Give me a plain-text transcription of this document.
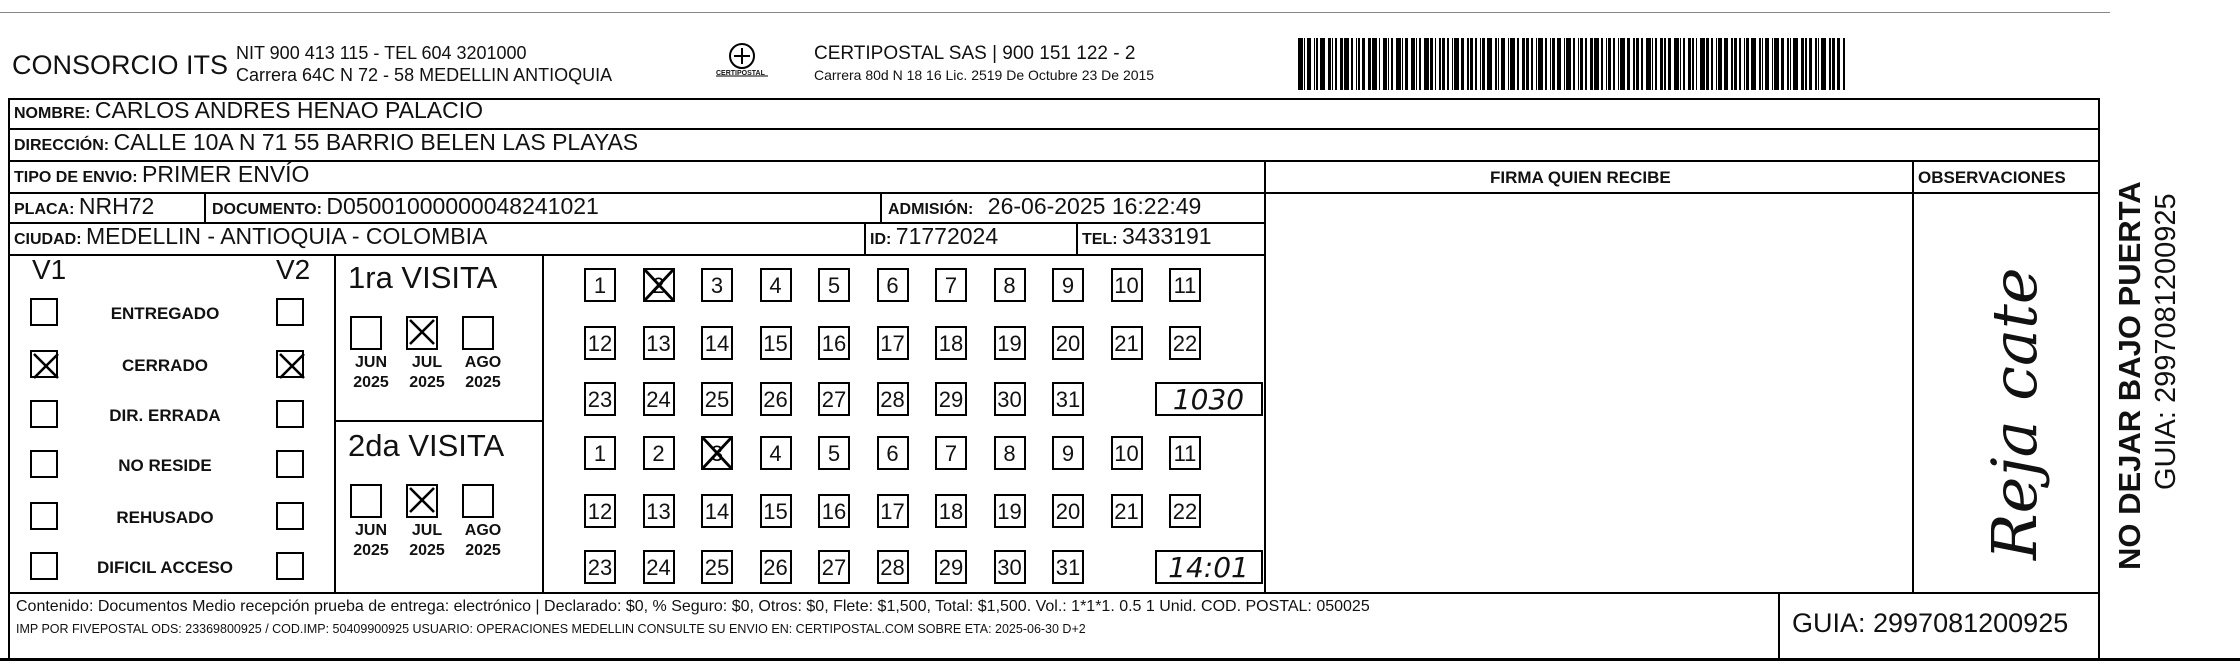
CONSORCIO ITS NIT 900 413 115 - TEL 604 3201000
Carrera 64C N 72 - 58 MEDELLIN ANTIOQUIA	CERTIPOSTAL
CERTIPOSTAL SAS | 900 151 122 - 2
Carrera 80d N 18 16 Lic. 2519 De Octubre 23 De 2015
NOMBRE: CARLOS ANDRES HENAO PALACIO
DIRECCIÓN: CALLE 10A N 71 55 BARRIO BELEN LAS PLAYAS
TIPO DE ENVIO: PRIMER ENVÍO	FIRMA QUIEN RECIBE	OBSERVACIONES
Reja cate
PLACA: NRH72	DOCUMENTO: D05001000000048241021	ADMISIÓN: 26-06-2025 16:22:49
CIUDAD: MEDELLIN - ANTIOQUIA - COLOMBIA	ID: 71772024	TEL: 3433191
V1	V2
ENTREGADO
CERRADO
DIR. ERRADA
NO RESIDE
REHUSADO
DIFICIL ACCESO
1ra VISITA
JUN
2025
JUL
2025
AGO
2025
1	2	3	4	5	6	7	8	9	10 11
12 13 14 15 16 17 18 19 20 21 22
23 24 25 26 27 28 29 30 31	1030
2da VISITA
JUN
2025
JUL
2025
AGO
2025
1	2	3	4	5	6	7	8	9	10 11
12 13 14 15 16 17 18 19 20 21 22
23 24 25 26 27 28 29 30 31	14:01
Contenido: Documentos Medio recepción prueba de entrega: electrónico | Declarado: $0, % Seguro: $0, Otros: $0, Flete: $1,500, Total: $1,500. Vol.: 1*1*1. 0.5 1 Unid. COD. POSTAL: 050025
IMP POR FIVEPOSTAL ODS: 23369800925 / COD.IMP: 50409900925 USUARIO: OPERACIONES MEDELLIN CONSULTE SU ENVIO EN: CERTIPOSTAL.COM SOBRE ETA: 2025-06-30 D+2	GUIA: 2997081200925
NO DEJAR BAJO PUERTA GUIA: 2997081200925
